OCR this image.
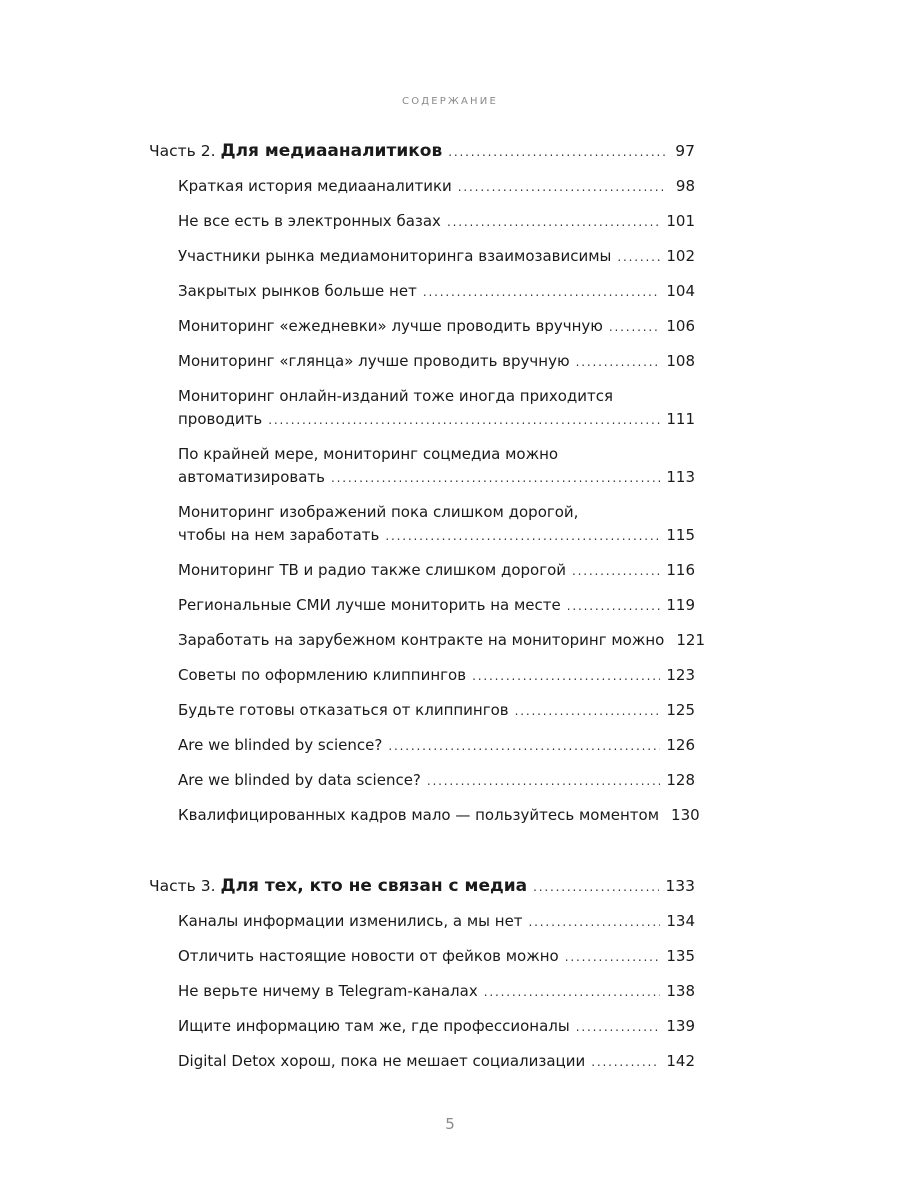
СОДЕРЖАНИЕ
Часть 2. Для медиааналитиков . . .	97
Краткая история медиааналитики . . .	98
Не все есть в электронных базах . . .	101
Участники рынка медиамониторинга взаимозависимы . . .	102
Закрытых рынков больше нет . . .	104
Мониторинг «ежедневки» лучше проводить вручную . . .	106
Мониторинг «глянца» лучше проводить вручную . . .	108
Мониторинг онлайн-изданий тоже иногда приходится
проводить . . .	111
По крайней мере, мониторинг соцмедиа можно
автоматизировать . . .	113
Мониторинг изображений пока слишком дорогой,
чтобы на нем заработать . . .	115
Мониторинг ТВ и радио также слишком дорогой . . .	116
Региональные СМИ лучше мониторить на месте . . .	119
Заработать на зарубежном контракте на мониторинг можно 121
Советы по оформлению клиппингов . . .	123
Будьте готовы отказаться от клиппингов . . .	125
Are we blinded by science? . . .	126
Are we blinded by data science? . . .	128
Квалифицированных кадров мало — пользуйтесь моментом 130
Часть 3. Для тех, кто не связан с медиа . . .	133
Каналы информации изменились, а мы нет . . .	134
Отличить настоящие новости от фейков можно . . .	135
Не верьте ничему в Telegram-каналах . . .	138
Ищите информацию там же, где профессионалы . . .	139
Digital Detox хорош, пока не мешает социализации . . .	142
5
